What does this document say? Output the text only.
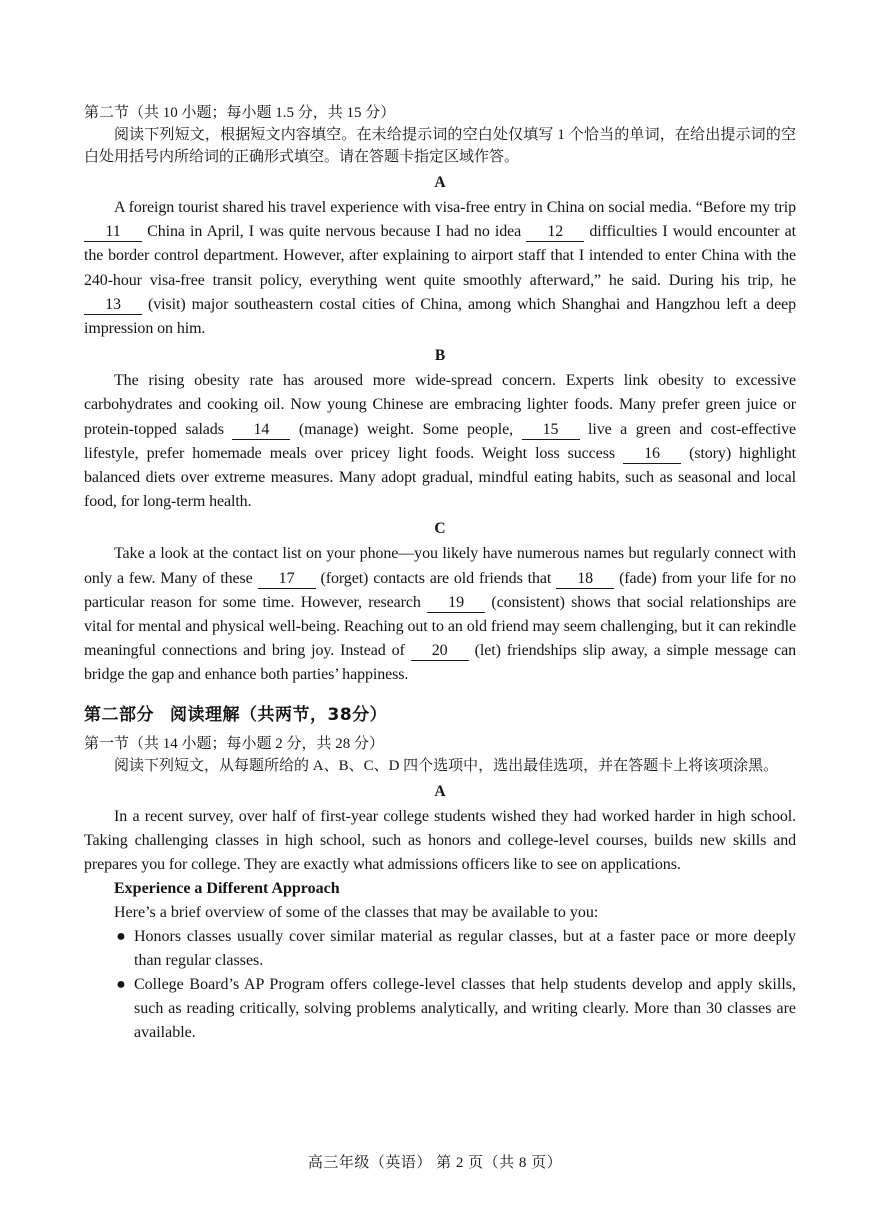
第二节（共 10 小题；每小题 1.5 分，共 15 分）

阅读下列短文，根据短文内容填空。在未给提示词的空白处仅填写 1 个恰当的单词，在给出提示词的空白处用括号内所给词的正确形式填空。请在答题卡指定区域作答。

A

A foreign tourist shared his travel experience with visa-free entry in China on social media. “Before my trip 11 China in April, I was quite nervous because I had no idea 12 difficulties I would encounter at the border control department. However, after explaining to airport staff that I intended to enter China with the 240-hour visa-free transit policy, everything went quite smoothly afterward,” he said. During his trip, he 13 (visit) major southeastern costal cities of China, among which Shanghai and Hangzhou left a deep impression on him.

B

The rising obesity rate has aroused more wide-spread concern. Experts link obesity to excessive carbohydrates and cooking oil. Now young Chinese are embracing lighter foods. Many prefer green juice or protein-topped salads 14 (manage) weight. Some people, 15 live a green and cost-effective lifestyle, prefer homemade meals over pricey light foods. Weight loss success 16 (story) highlight balanced diets over extreme measures. Many adopt gradual, mindful eating habits, such as seasonal and local food, for long-term health.

C

Take a look at the contact list on your phone—you likely have numerous names but regularly connect with only a few. Many of these 17 (forget) contacts are old friends that 18 (fade) from your life for no particular reason for some time. However, research 19 (consistent) shows that social relationships are vital for mental and physical well-being. Reaching out to an old friend may seem challenging, but it can rekindle meaningful connections and bring joy. Instead of 20 (let) friendships slip away, a simple message can bridge the gap and enhance both parties’ happiness.

第二部分 阅读理解（共两节，38分）

第一节（共 14 小题；每小题 2 分，共 28 分）

阅读下列短文，从每题所给的 A、B、C、D 四个选项中，选出最佳选项，并在答题卡上将该项涂黑。

A

In a recent survey, over half of first-year college students wished they had worked harder in high school. Taking challenging classes in high school, such as honors and college-level courses, builds new skills and prepares you for college. They are exactly what admissions officers like to see on applications.

Experience a Different Approach

Here’s a brief overview of some of the classes that may be available to you:

● Honors classes usually cover similar material as regular classes, but at a faster pace or more deeply than regular classes.
● College Board’s AP Program offers college-level classes that help students develop and apply skills, such as reading critically, solving problems analytically, and writing clearly. More than 30 classes are available.
高三年级（英语） 第 2 页（共 8 页）
